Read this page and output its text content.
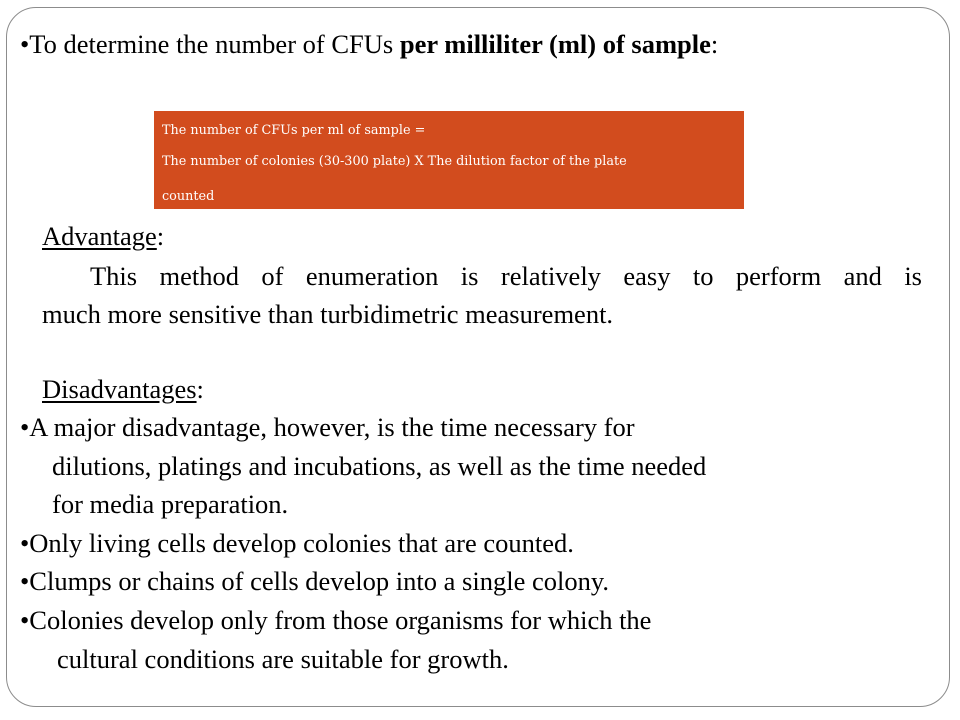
•To determine the number of CFUs per milliliter (ml) of sample:
The number of CFUs per ml of sample =
The number of colonies (30-300 plate) X The dilution factor of the plate
counted
Advantage:
This method of enumeration is relatively easy to perform and is
much more sensitive than turbidimetric measurement.
Disadvantages:
•A major disadvantage, however, is the time necessary for
dilutions, platings and incubations, as well as the time needed
for media preparation.
•Only living cells develop colonies that are counted.
•Clumps or chains of cells develop into a single colony.
•Colonies develop only from those organisms for which the
cultural conditions are suitable for growth.
